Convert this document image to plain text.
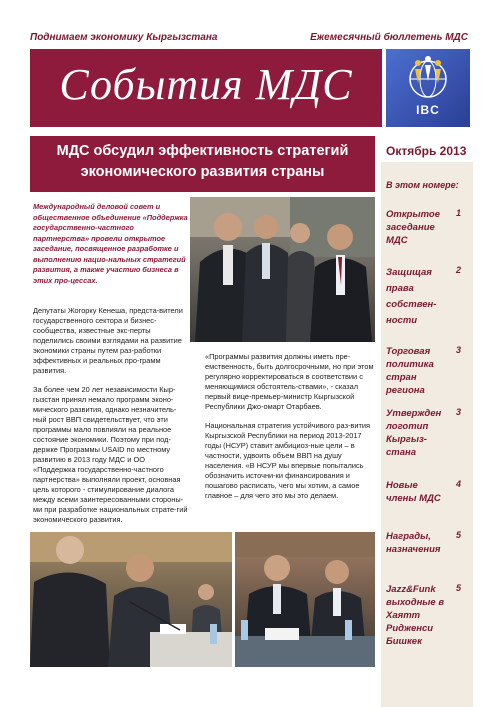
Поднимаем экономику Кыргызстана	Ежемесячный бюллетень МДС
События МДС
IBC
МДС обсудил эффективность стратегий экономического развития страны
Октябрь 2013
В этом номере:
Открытое заседание МДС
1
Защищая права собствен-ности
2
Торговая политика стран региона
3
Утвержден логотип Кыргыз-стана
3
Новые члены МДС
4
Награды, назначения
5
Jazz&Funk выходные в Хаятт Ридженси Бишкек
5
Международный деловой совет и общественное объединение «Поддержка государственно-частного партнерства» провели открытое заседание, посвященное разработке и выполнению нацио-нальных стратегий развития, а также участию бизнеса в этих про-цессах.

Депутаты Жогорку Кенеша, предста-вители государственного сектора и бизнес-сообщества, известные экс-перты поделились своими взглядами на развитие экономики страны путем раз-работки эффективных и реальных про-грамм развития.

За более чем 20 лет независимости Кыр-гызстан принял немало программ эконо-мического развития, однако незначитель-ный рост ВВП свидетельствует, что эти программы мало повлияли на реальное состояние экономики. Поэтому при под-держке Программы USAID по местному развитию в 2013 году МДС и ОО «Поддержка государственно-частного партнерства» выполняли проект, основная цель которого - стимулирование диалога между всеми заинтересованными стороны-ми при разработке национальных страте-гий экономического развития.

«Программы развития должны иметь пре-емственность, быть долгосрочными, но при этом регулярно корректироваться в соответствии с меняющимися обстоятель-ствами», - сказал первый вице-премьер-министр Кыргызской Республики Джо-омарт Отарбаев.

Национальная стратегия устойчивого раз-вития Кыргызской Республики на период 2013-2017 годы (НСУР) ставит амбициоз-ные цели – в частности, удвоить объем ВВП на душу населения. «В НСУР мы впервые попытались обозначить источни-ки финансирования и пошагово расписать, чего мы хотим, а самое главное – для чего это мы это делаем.
